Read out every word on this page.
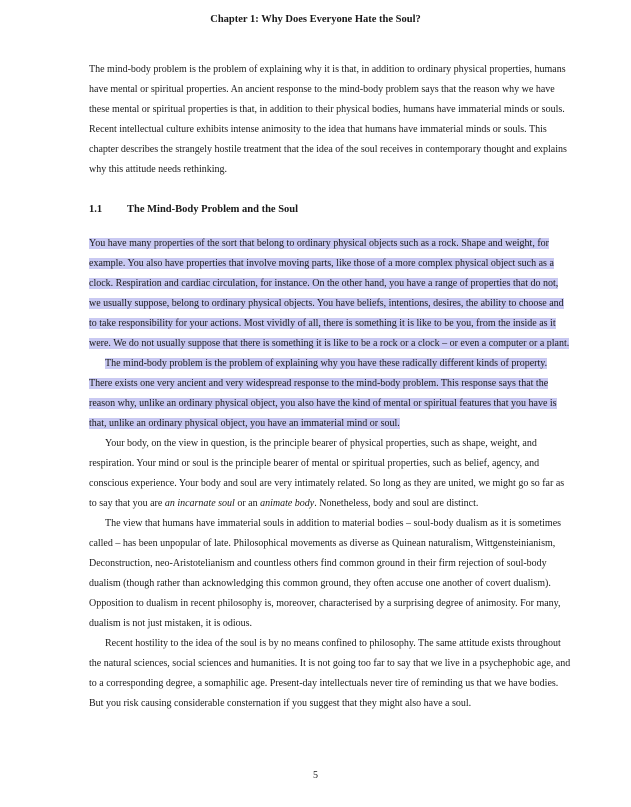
Chapter 1: Why Does Everyone Hate the Soul?

The mind-body problem is the problem of explaining why it is that, in addition to ordinary physical properties, humans have mental or spiritual properties. An ancient response to the mind-body problem says that the reason why we have these mental or spiritual properties is that, in addition to their physical bodies, humans have immaterial minds or souls. Recent intellectual culture exhibits intense animosity to the idea that humans have immaterial minds or souls. This chapter describes the strangely hostile treatment that the idea of the soul receives in contemporary thought and explains why this attitude needs rethinking.

1.1 The Mind-Body Problem and the Soul

You have many properties of the sort that belong to ordinary physical objects such as a rock. Shape and weight, for example. You also have properties that involve moving parts, like those of a more complex physical object such as a clock. Respiration and cardiac circulation, for instance. On the other hand, you have a range of properties that do not, we usually suppose, belong to ordinary physical objects. You have beliefs, intentions, desires, the ability to choose and to take responsibility for your actions. Most vividly of all, there is something it is like to be you, from the inside as it were. We do not usually suppose that there is something it is like to be a rock or a clock – or even a computer or a plant.

The mind-body problem is the problem of explaining why you have these radically different kinds of property. There exists one very ancient and very widespread response to the mind-body problem. This response says that the reason why, unlike an ordinary physical object, you also have the kind of mental or spiritual features that you have is that, unlike an ordinary physical object, you have an immaterial mind or soul.

Your body, on the view in question, is the principle bearer of physical properties, such as shape, weight, and respiration. Your mind or soul is the principle bearer of mental or spiritual properties, such as belief, agency, and conscious experience. Your body and soul are very intimately related. So long as they are united, we might go so far as to say that you are an incarnate soul or an animate body. Nonetheless, body and soul are distinct.

The view that humans have immaterial souls in addition to material bodies – soul-body dualism as it is sometimes called – has been unpopular of late. Philosophical movements as diverse as Quinean naturalism, Wittgensteinianism, Deconstruction, neo-Aristotelianism and countless others find common ground in their firm rejection of soul-body dualism (though rather than acknowledging this common ground, they often accuse one another of covert dualism). Opposition to dualism in recent philosophy is, moreover, characterised by a surprising degree of animosity. For many, dualism is not just mistaken, it is odious.

Recent hostility to the idea of the soul is by no means confined to philosophy. The same attitude exists throughout the natural sciences, social sciences and humanities. It is not going too far to say that we live in a psychephobic age, and to a corresponding degree, a somaphilic age. Present-day intellectuals never tire of reminding us that we have bodies. But you risk causing considerable consternation if you suggest that they might also have a soul.

5
